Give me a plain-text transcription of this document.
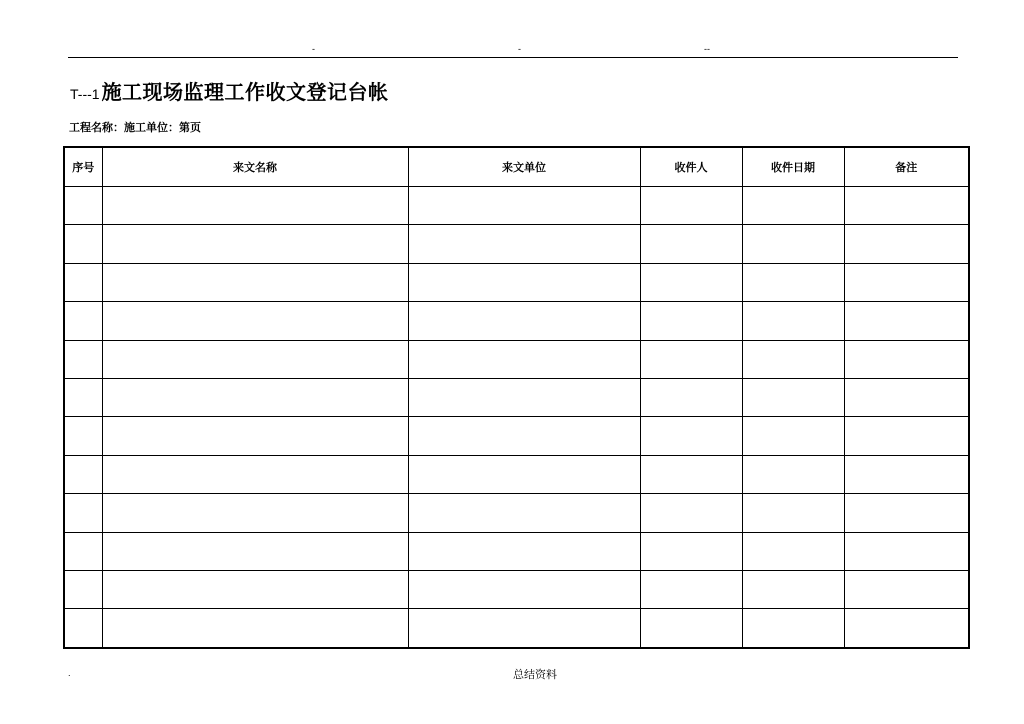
-	-	--
T---1 施工现场监理工作收文登记台帐
工程名称：施工单位：第页
序号	来文名称	来文单位	收件人	收件日期	备注

.	总结资料
